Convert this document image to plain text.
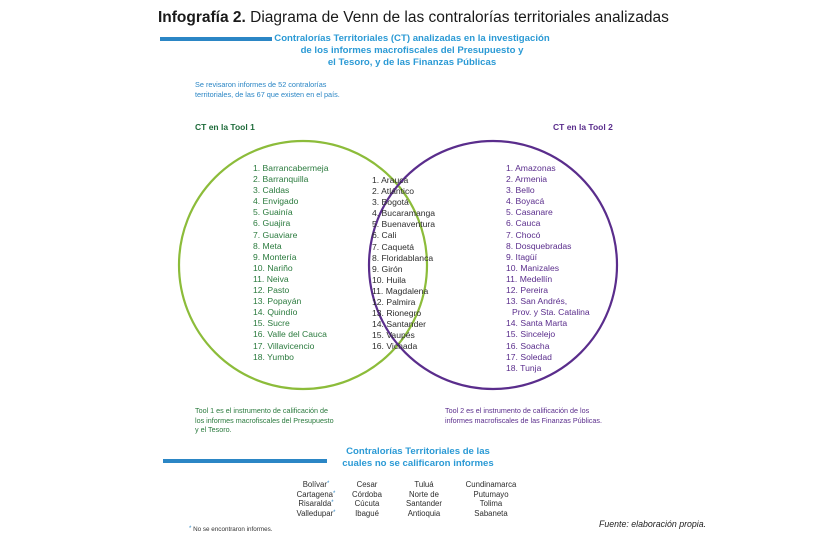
Infografía 2. Diagrama de Venn de las contralorías territoriales analizadas
Contralorías Territoriales (CT) analizadas en la investigación
de los informes macrofiscales del Presupuesto y
el Tesoro, y de las Finanzas Públicas
Se revisaron informes de 52 contralorías
territoriales, de las 67 que existen en el país.
CT en la Tool 1	CT en la Tool 2
1. Barrancabermeja
2. Barranquilla
3. Caldas
4. Envigado
5. Guainía
6. Guajira
7. Guaviare
8. Meta
9. Montería
10. Nariño
11. Neiva
12. Pasto
13. Popayán
14. Quindío
15. Sucre
16. Valle del Cauca
17. Villavicencio
18. Yumbo
1. Arauca
2. Atlántico
3. Bogotá
4. Bucaramanga
5. Buenaventura
6. Cali
7. Caquetá
8. Floridablanca
9. Girón
10. Huila
11. Magdalena
12. Palmira
13. Rionegro
14. Santander
15. Vaupés
16. Vichada
1. Amazonas
2. Armenia
3. Bello
4. Boyacá
5. Casanare
6. Cauca
7. Chocó
8. Dosquebradas
9. Itagüí
10. Manizales
11. Medellín
12. Pereira
13. San Andrés,
Prov. y Sta. Catalina
14. Santa Marta
15. Sincelejo
16. Soacha
17. Soledad
18. Tunja
Tool 1 es el instrumento de calificación de
los informes macrofiscales del Presupuesto
y el Tesoro.
Tool 2 es el instrumento de calificación de los
informes macrofiscales de las Finanzas Públicas.
Contralorías Territoriales de las
cuales no se calificaron informes
Bolívar*
Cartagena*
Risaralda*
Valledupar*
Cesar
Córdoba
Cúcuta
Ibagué
Tuluá
Norte de
Santander
Antioquia
Cundinamarca
Putumayo
Tolima
Sabaneta
* No se encontraron informes.
Fuente: elaboración propia.
